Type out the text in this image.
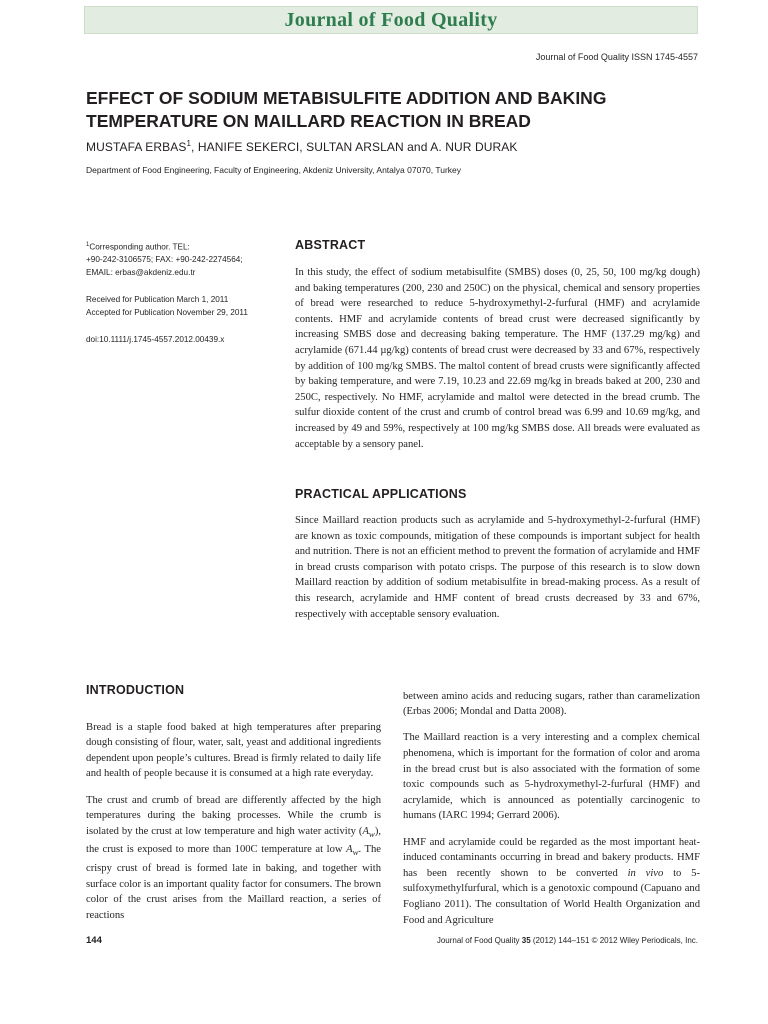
Journal of Food Quality
Journal of Food Quality ISSN 1745-4557
EFFECT OF SODIUM METABISULFITE ADDITION AND BAKING TEMPERATURE ON MAILLARD REACTION IN BREAD
MUSTAFA ERBAS$^1$, HANIFE SEKERCI, SULTAN ARSLAN and A. NUR DURAK
Department of Food Engineering, Faculty of Engineering, Akdeniz University, Antalya 07070, Turkey

$^1$Corresponding author. TEL:

+90-242-3106575; FAX: +90-242-2274564;

EMAIL: erbas@akdeniz.edu.tr

Received for Publication March 1, 2011

Accepted for Publication November 29, 2011

doi:10.1111/j.1745-4557.2012.00439.x

ABSTRACT

In this study, the effect of sodium metabisulfite (SMBS) doses (0, 25, 50, 100 mg/kg dough) and baking temperatures (200, 230 and 250C) on the physical, chemical and sensory properties of bread were researched to reduce 5-hydroxymethyl-2-furfural (HMF) and acrylamide contents. HMF and acrylamide contents of bread crust were decreased significantly by increasing SMBS dose and decreasing baking temperature. The HMF (137.29 mg/kg) and acrylamide (671.44 µg/kg) contents of bread crust were decreased by 33 and 67%, respectively by addition of 100 mg/kg SMBS. The maltol content of bread crusts were significantly affected by baking temperature, and were 7.19, 10.23 and 22.69 mg/kg in breads baked at 200, 230 and 250C, respectively. No HMF, acrylamide and maltol were detected in the bread crumb. The sulfur dioxide content of the crust and crumb of control bread was 6.99 and 10.69 mg/kg, and increased by 49 and 59%, respectively at 100 mg/kg SMBS dose. All breads were evaluated as acceptable by a sensory panel.

PRACTICAL APPLICATIONS

Since Maillard reaction products such as acrylamide and 5-hydroxymethyl-2-furfural (HMF) are known as toxic compounds, mitigation of these compounds is important subject for health and nutrition. There is not an efficient method to prevent the formation of acrylamide and HMF in bread crusts comparison with potato crisps. The purpose of this research is to slow down Maillard reaction by addition of sodium metabisulfite in bread-making process. As a result of this research, acrylamide and HMF content of bread crusts decreased by 33 and 67%, respectively with acceptable sensory evaluation.

INTRODUCTION

Bread is a staple food baked at high temperatures after preparing dough consisting of flour, water, salt, yeast and additional ingredients dependent upon people’s cultures. Bread is firmly related to daily life and health of people because it is consumed at a high rate everyday.

The crust and crumb of bread are differently affected by the high temperatures during the baking processes. While the crumb is isolated by the crust at low temperature and high water activity $(A_w)$, the crust is exposed to more than 100C temperature at low $A_w$. The crispy crust of bread is formed late in baking, and together with surface color is an important quality factor for consumers. The brown color of the crust arises from the Maillard reaction, a series of reactions

between amino acids and reducing sugars, rather than caramelization (Erbas 2006; Mondal and Datta 2008).

The Maillard reaction is a very interesting and a complex chemical phenomena, which is important for the formation of color and aroma in the bread crust but is also associated with the formation of some toxic compounds such as 5-hydroxymethyl-2-furfural (HMF) and acrylamide, which is announced as potentially carcinogenic to humans (IARC 1994; Gerrard 2006).

HMF and acrylamide could be regarded as the most important heat-induced contaminants occurring in bread and bakery products. HMF has been recently shown to be converted in vivo to 5-sulfoxymethylfurfural, which is a genotoxic compound (Capuano and Fogliano 2011). The consultation of World Health Organization and Food and Agriculture

144	Journal of Food Quality 35 (2012) 144–151 © 2012 Wiley Periodicals, Inc.
